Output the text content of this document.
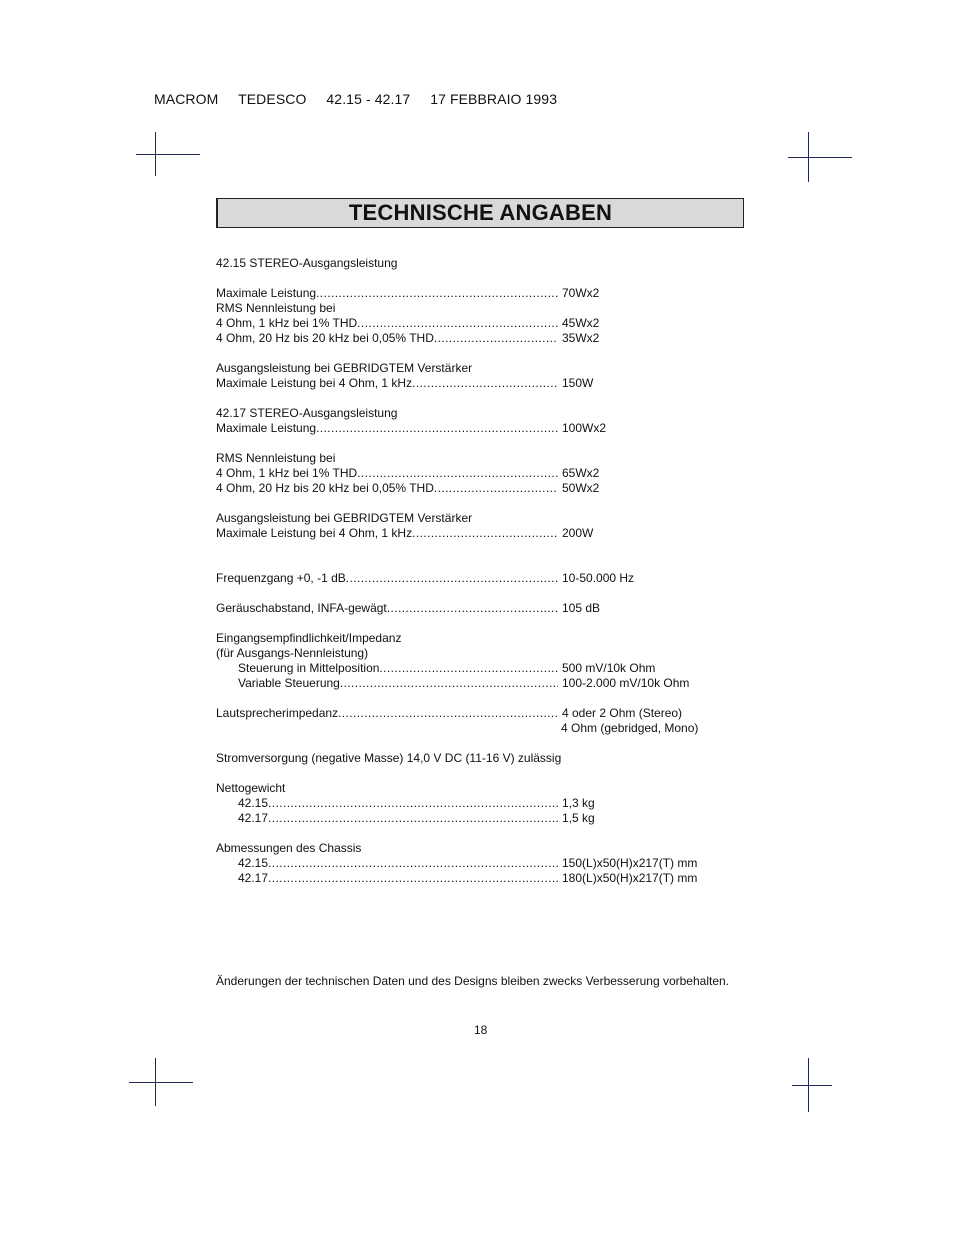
MACROM TEDESCO 42.15 - 42.17 17 FEBBRAIO 1993
TECHNISCHE ANGABEN
42.15 STEREO-Ausgangsleistung
Maximale Leistung .....	70Wx2
RMS Nennleistung bei
4 Ohm, 1 kHz bei 1% THD .....	45Wx2
4 Ohm, 20 Hz bis 20 kHz bei 0,05% THD .....	35Wx2
Ausgangsleistung bei GEBRIDGTEM Verstärker
Maximale Leistung bei 4 Ohm, 1 kHz .....	150W
42.17 STEREO-Ausgangsleistung
Maximale Leistung .....	100Wx2
RMS Nennleistung bei
4 Ohm, 1 kHz bei 1% THD .....	65Wx2
4 Ohm, 20 Hz bis 20 kHz bei 0,05% THD .....	50Wx2
Ausgangsleistung bei GEBRIDGTEM Verstärker
Maximale Leistung bei 4 Ohm, 1 kHz .....	200W
Frequenzgang +0, -1 dB .....	10-50.000 Hz
Geräuschabstand, INFA-gewägt .....	105 dB
Eingangsempfindlichkeit/Impedanz
(für Ausgangs-Nennleistung)
Steuerung in Mittelposition .....	500 mV/10k Ohm
Variable Steuerung .....	100-2.000 mV/10k Ohm
Lautsprecherimpedanz .....	4 oder 2 Ohm (Stereo)
4 Ohm (gebridged, Mono)
Stromversorgung (negative Masse) 14,0 V DC (11-16 V) zulässig
Nettogewicht
42.15 .....	1,3 kg
42.17 .....	1,5 kg
Abmessungen des Chassis
42.15 .....	150(L)x50(H)x217(T) mm
42.17 .....	180(L)x50(H)x217(T) mm
Änderungen der technischen Daten und des Designs bleiben zwecks Verbesserung vorbehalten.
18
